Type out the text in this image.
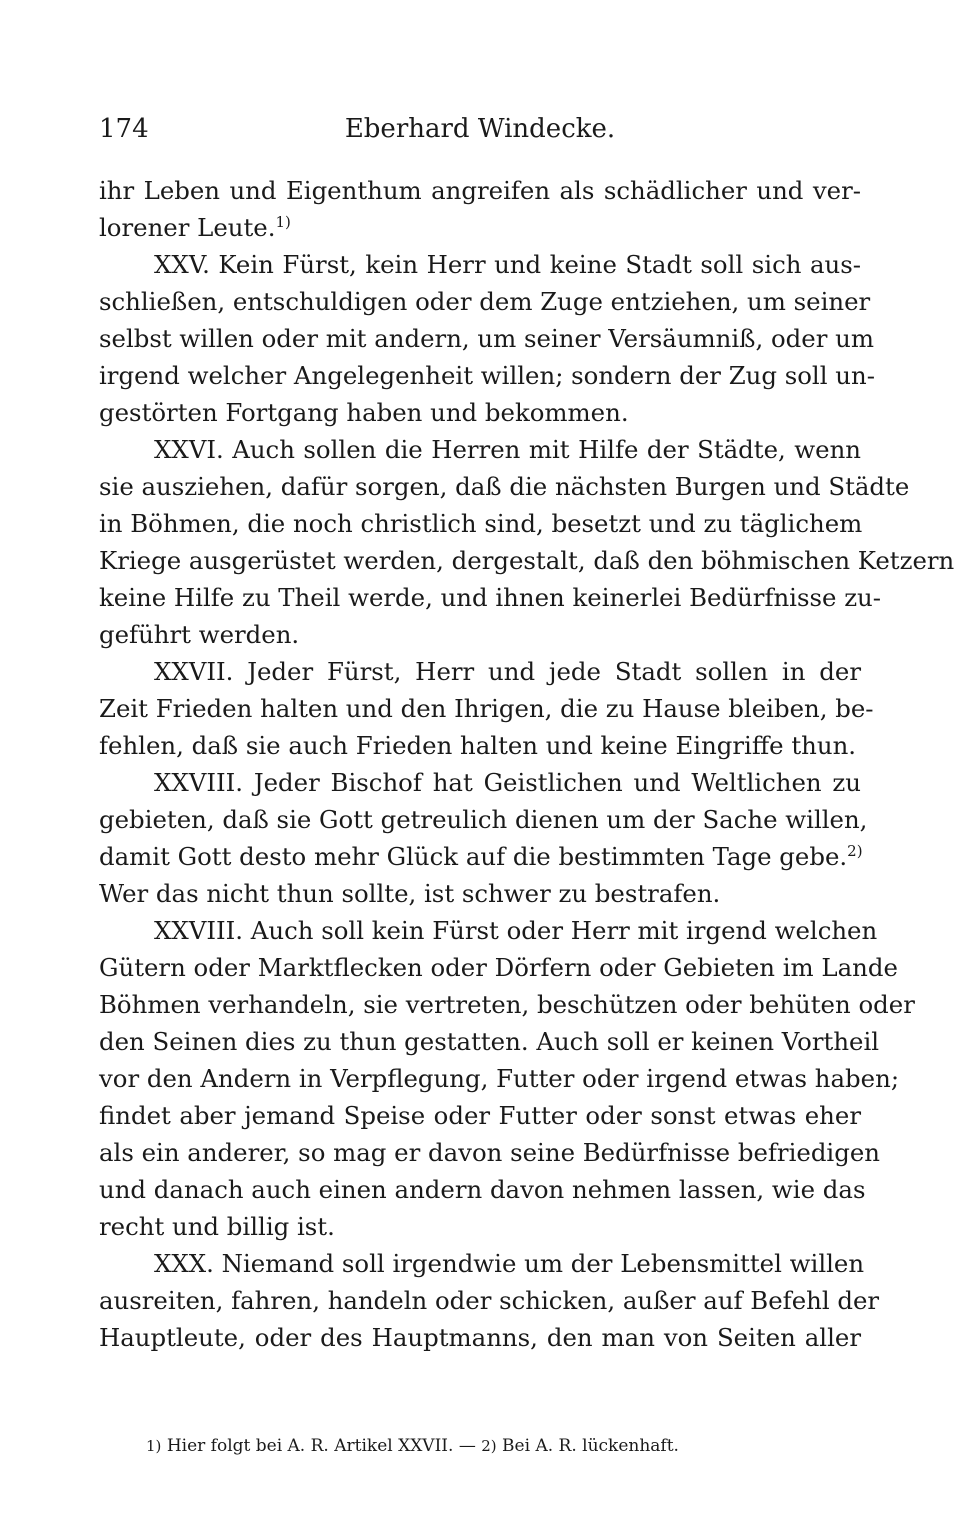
174	Eberhard Windecke.
ihr Leben und Eigenthum angreifen als schädlicher und ver-
lorener Leute.$^{1)}$
XXV. Kein Fürst, kein Herr und keine Stadt soll sich aus-
schließen, entschuldigen oder dem Zuge entziehen, um seiner
selbst willen oder mit andern, um seiner Versäumniß, oder um
irgend welcher Angelegenheit willen; sondern der Zug soll un-
gestörten Fortgang haben und bekommen.
XXVI. Auch sollen die Herren mit Hilfe der Städte, wenn
sie ausziehen, dafür sorgen, daß die nächsten Burgen und Städte
in Böhmen, die noch christlich sind, besetzt und zu täglichem
Kriege ausgerüstet werden, dergestalt, daß den böhmischen Ketzern
keine Hilfe zu Theil werde, und ihnen keinerlei Bedürfnisse zu-
geführt werden.
XXVII. Jeder Fürst, Herr und jede Stadt sollen in der
Zeit Frieden halten und den Ihrigen, die zu Hause bleiben, be-
fehlen, daß sie auch Frieden halten und keine Eingriffe thun.
XXVIII. Jeder Bischof hat Geistlichen und Weltlichen zu
gebieten, daß sie Gott getreulich dienen um der Sache willen,
damit Gott desto mehr Glück auf die bestimmten Tage gebe.$^{2)}$
Wer das nicht thun sollte, ist schwer zu bestrafen.
XXVIII. Auch soll kein Fürst oder Herr mit irgend welchen
Gütern oder Marktflecken oder Dörfern oder Gebieten im Lande
Böhmen verhandeln, sie vertreten, beschützen oder behüten oder
den Seinen dies zu thun gestatten. Auch soll er keinen Vortheil
vor den Andern in Verpflegung, Futter oder irgend etwas haben;
findet aber jemand Speise oder Futter oder sonst etwas eher
als ein anderer, so mag er davon seine Bedürfnisse befriedigen
und danach auch einen andern davon nehmen lassen, wie das
recht und billig ist.
XXX. Niemand soll irgendwie um der Lebensmittel willen
ausreiten, fahren, handeln oder schicken, außer auf Befehl der
Hauptleute, oder des Hauptmanns, den man von Seiten aller
1) Hier folgt bei A. R. Artikel XXVII. — 2) Bei A. R. lückenhaft.
